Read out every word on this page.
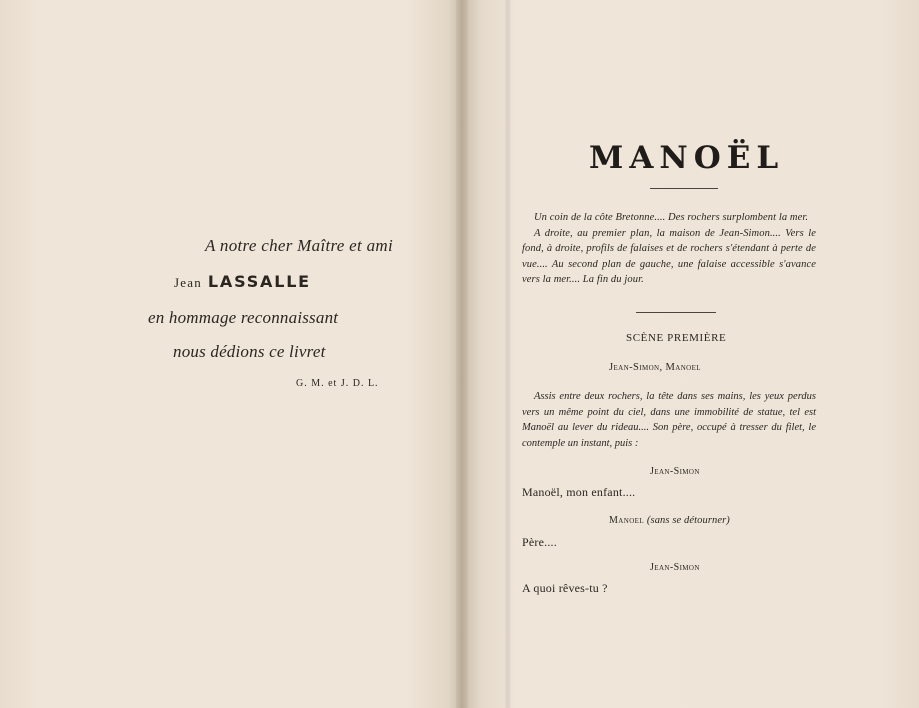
A notre cher Maître et ami
Jean LASSALLE
en hommage reconnaissant
nous dédions ce livret
G. M. et J. D. L.
MANOËL

Un coin de la côte Bretonne.... Des rochers surplombent la mer.

A droite, au premier plan, la maison de Jean-Simon.... Vers le fond, à droite, profils de falaises et de rochers s'étendant à perte de vue.... Au second plan de gauche, une falaise accessible s'avance vers la mer.... La fin du jour.

SCÈNE PREMIÈRE
Jean-Simon, Manoel
Assis entre deux rochers, la tête dans ses mains, les yeux perdus vers un même point du ciel, dans une immobilité de statue, tel est Manoël au lever du rideau.... Son père, occupé à tresser du filet, le contemple un instant, puis :
Jean-Simon
Manoël, mon enfant....
Manoel (sans se détourner)
Père....
Jean-Simon
A quoi rêves-tu ?
